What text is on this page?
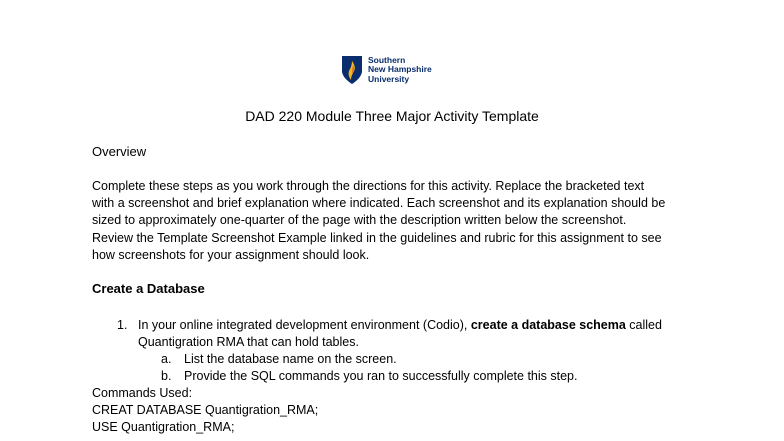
Southern
New Hampshire
University
DAD 220 Module Three Major Activity Template
Overview
Complete these steps as you work through the directions for this activity. Replace the bracketed text
with a screenshot and brief explanation where indicated. Each screenshot and its explanation should be
sized to approximately one-quarter of the page with the description written below the screenshot.
Review the Template Screenshot Example linked in the guidelines and rubric for this assignment to see
how screenshots for your assignment should look.
Create a Database
1. In your online integrated development environment (Codio), create a database schema called
Quantigration RMA that can hold tables.
a. List the database name on the screen.
b. Provide the SQL commands you ran to successfully complete this step.
Commands Used:
CREAT DATABASE Quantigration_RMA;
USE Quantigration_RMA;
